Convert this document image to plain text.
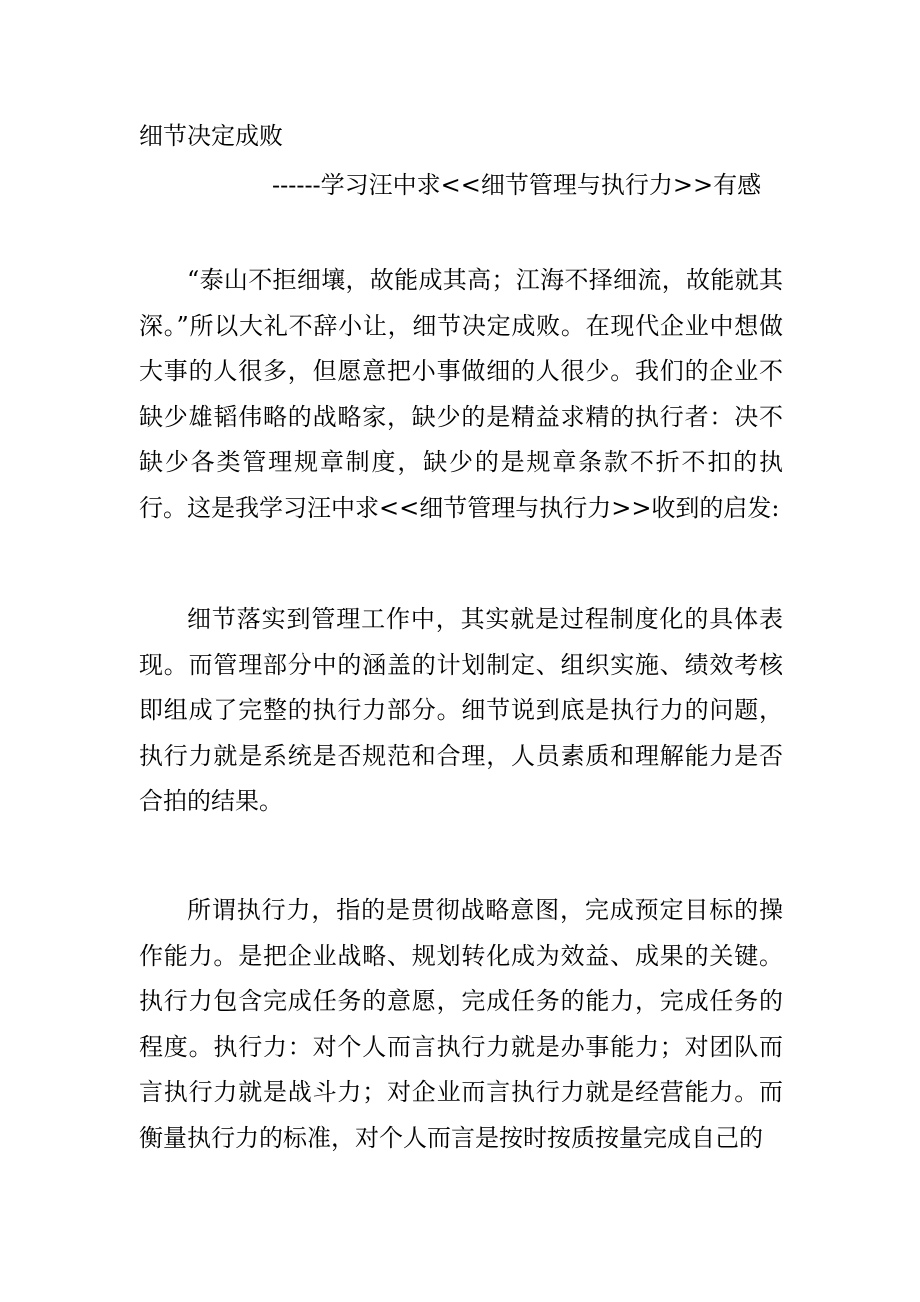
细节决定成败
------学习汪中求<<细节管理与执行力>>有感

“泰山不拒细壤，故能成其高；江海不择细流，故能就其深。”所以大礼不辞小让，细节决定成败。在现代企业中想做大事的人很多，但愿意把小事做细的人很少。我们的企业不缺少雄韬伟略的战略家，缺少的是精益求精的执行者：决不缺少各类管理规章制度，缺少的是规章条款不折不扣的执行。这是我学习汪中求<<细节管理与执行力>>收到的启发:

细节落实到管理工作中，其实就是过程制度化的具体表现。而管理部分中的涵盖的计划制定、组织实施、绩效考核即组成了完整的执行力部分。细节说到底是执行力的问题，执行力就是系统是否规范和合理，人员素质和理解能力是否合拍的结果。

所谓执行力，指的是贯彻战略意图，完成预定目标的操作能力。是把企业战略、规划转化成为效益、成果的关键。执行力包含完成任务的意愿，完成任务的能力，完成任务的程度。执行力：对个人而言执行力就是办事能力；对团队而言执行力就是战斗力；对企业而言执行力就是经营能力。而衡量执行力的标准，对个人而言是按时按质按量完成自己的
